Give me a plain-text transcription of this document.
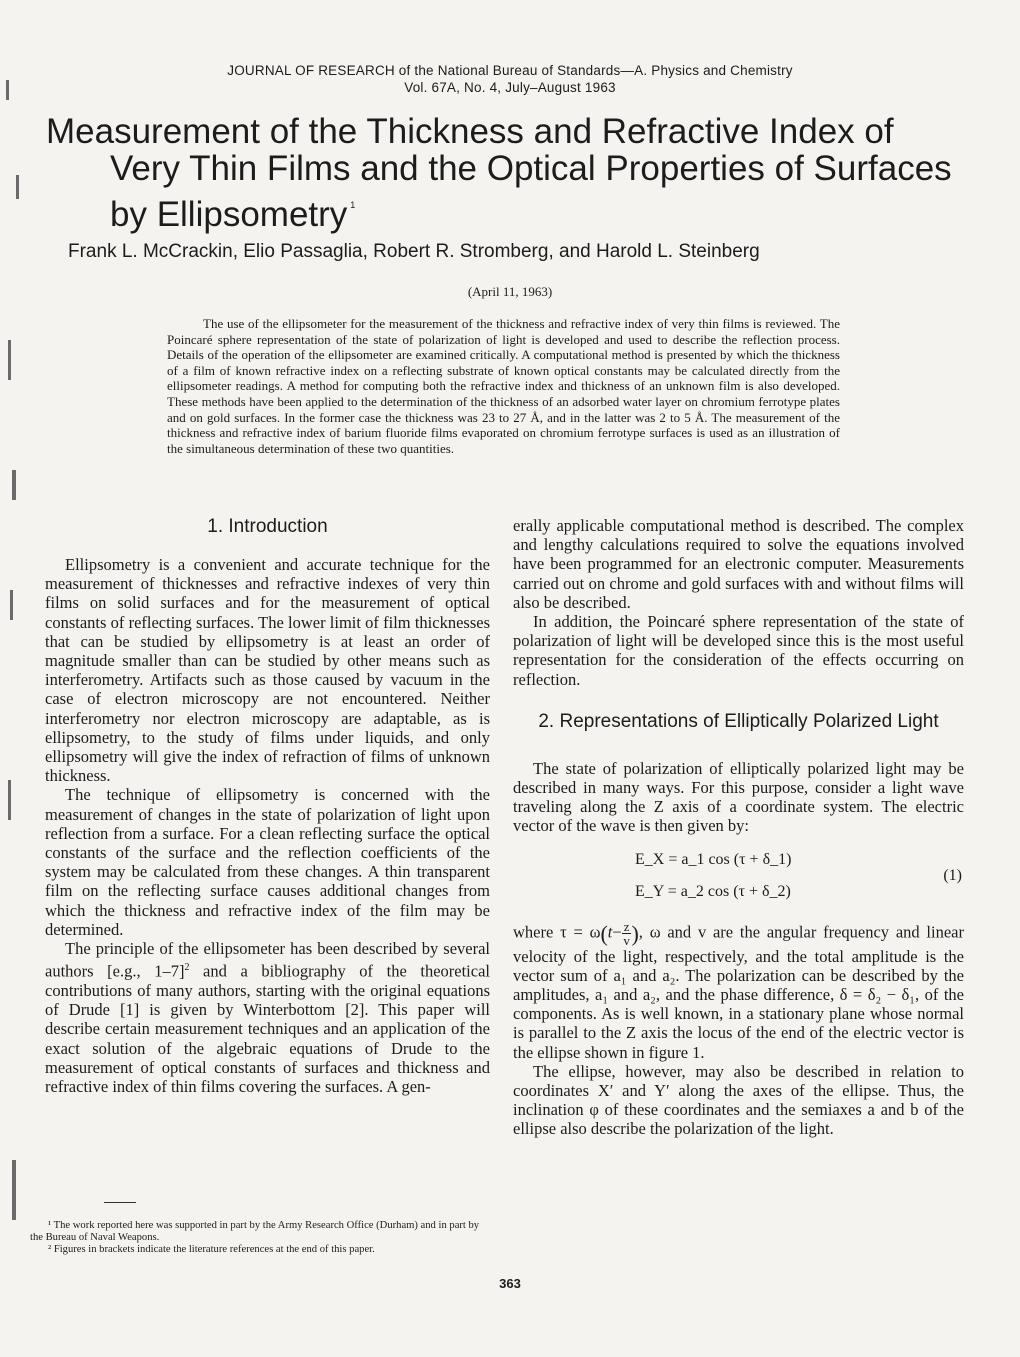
JOURNAL OF RESEARCH of the National Bureau of Standards—A. Physics and Chemistry
Vol. 67A, No. 4, July–August 1963
Measurement of the Thickness and Refractive Index of
Very Thin Films and the Optical Properties of Surfaces
by Ellipsometry $^1$
Frank L. McCrackin, Elio Passaglia, Robert R. Stromberg, and Harold L. Steinberg
(April 11, 1963)
The use of the ellipsometer for the measurement of the thickness and refractive index of very thin films is reviewed. The Poincaré sphere representation of the state of polarization of light is developed and used to describe the reflection process. Details of the operation of the ellipsometer are examined critically. A computational method is presented by which the thickness of a film of known refractive index on a reflecting substrate of known optical constants may be calculated directly from the ellipsometer readings. A method for computing both the refractive index and thickness of an unknown film is also developed. These methods have been applied to the determination of the thickness of an adsorbed water layer on chromium ferrotype plates and on gold surfaces. In the former case the thickness was 23 to 27 Å, and in the latter was 2 to 5 Å. The measurement of the thickness and refractive index of barium fluoride films evaporated on chromium ferrotype surfaces is used as an illustration of the simultaneous determination of these two quantities.
1. Introduction

Ellipsometry is a convenient and accurate technique for the measurement of thicknesses and refractive indexes of very thin films on solid surfaces and for the measurement of optical constants of reflecting surfaces. The lower limit of film thicknesses that can be studied by ellipsometry is at least an order of magnitude smaller than can be studied by other means such as interferometry. Artifacts such as those caused by vacuum in the case of electron microscopy are not encountered. Neither interferometry nor electron microscopy are adaptable, as is ellipsometry, to the study of films under liquids, and only ellipsometry will give the index of refraction of films of unknown thickness.

The technique of ellipsometry is concerned with the measurement of changes in the state of polarization of light upon reflection from a surface. For a clean reflecting surface the optical constants of the surface and the reflection coefficients of the system may be calculated from these changes. A thin transparent film on the reflecting surface causes additional changes from which the thickness and refractive index of the film may be determined.

The principle of the ellipsometer has been described by several authors [e.g., 1–7]$^2$ and a bibliography of the theoretical contributions of many authors, starting with the original equations of Drude [1] is given by Winterbottom [2]. This paper will describe certain measurement techniques and an application of the exact solution of the algebraic equations of Drude to the measurement of optical constants of surfaces and thickness and refractive index of thin films covering the surfaces. A gen-

erally applicable computational method is described. The complex and lengthy calculations required to solve the equations involved have been programmed for an electronic computer. Measurements carried out on chrome and gold surfaces with and without films will also be described.

In addition, the Poincaré sphere representation of the state of polarization of light will be developed since this is the most useful representation for the consideration of the effects occurring on reflection.

2. Representations of Elliptically Polarized Light

The state of polarization of elliptically polarized light may be described in many ways. For this purpose, consider a light wave traveling along the Z axis of a coordinate system. The electric vector of the wave is then given by:

E_X = a_1 cos (τ + δ_1)
E_Y = a_2 cos (τ + δ_2)
(1)

where $\tau = \omega(t- \frac{z}{v}$ ), ω and v are the angular frequency and linear velocity of the light, respectively, and the total amplitude is the vector sum of a₁ and a₂. The polarization can be described by the amplitudes, a₁ and a₂, and the phase difference, δ = δ₂ − δ₁, of the components. As is well known, in a stationary plane whose normal is parallel to the Z axis the locus of the end of the electric vector is the ellipse shown in figure 1.

The ellipse, however, may also be described in relation to coordinates X′ and Y′ along the axes of the ellipse. Thus, the inclination φ of these coordinates and the semiaxes a and b of the ellipse also describe the polarization of the light.

¹ The work reported here was supported in part by the Army Research Office (Durham) and in part by the Bureau of Naval Weapons.

² Figures in brackets indicate the literature references at the end of this paper.

363
